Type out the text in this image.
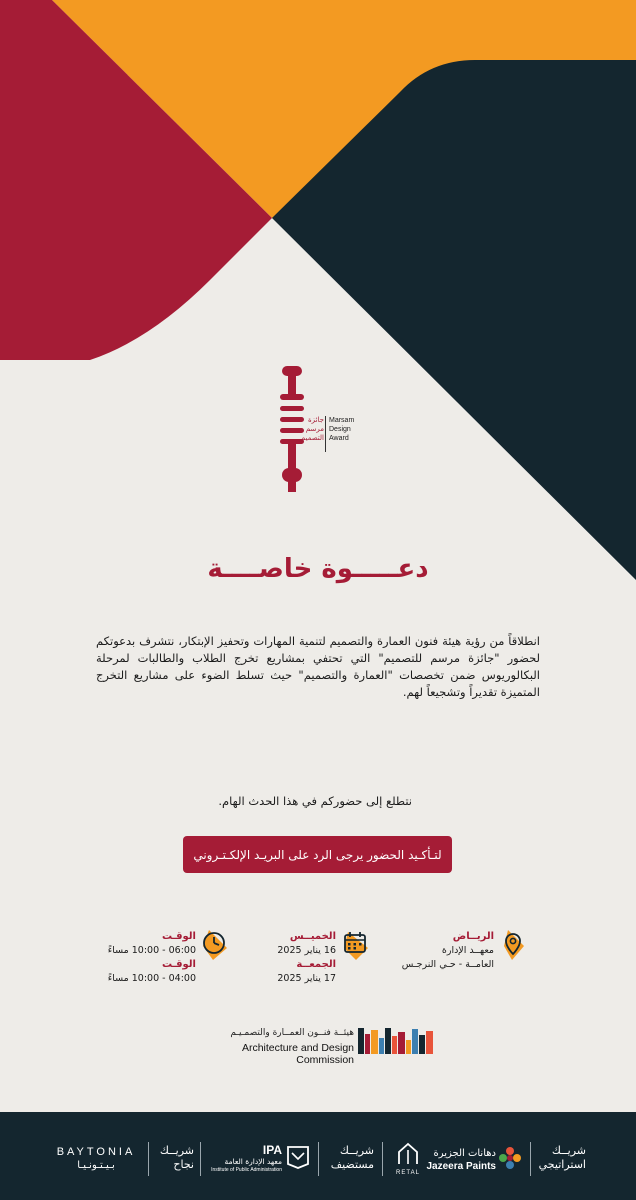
جائزة
مرسم
التصميم
Marsam
Design
Award
دعـــــوة خاصــــة
انطلاقاً من رؤية هيئة فنون العمارة والتصميم لتنمية المهارات وتحفيز الإبتكار، نتشرف بدعوتكم لحضور "جائزة مرسم للتصميم" التي تحتفي بمشاريع تخرج الطلاب والطالبات لمرحلة البكالوريوس ضمن تخصصات "العمارة والتصميم" حيث تسلط الضوء على مشاريع التخرج المتميزة تقديراً وتشجيعاً لهم.
نتطلع إلى حضوركم في هذا الحدث الهام.
لتـأكـيد الحضور يرجى الرد على البريـد الإلكـتـروني
الريــاض
معهــد الإدارة
العامــة - حـي النرجـس
الخميــس
16 يناير 2025
الجمعــة
17 يناير 2025
الوقـت
06:00 - 10:00 مساءً
الوقـت
04:00 - 10:00 مساءً
هيئــة فنــون العمــارة والتصمـيـم
Architecture and Design Commission
شريــك استراتيجي
دهانات الجزيرة
Jazeera Paints
RETAL
شريــك مستضيف
IPA
معهد الإدارة العامة
Institute of Public Administration
شريــك نجاح
BAYTONIA
بـيـتـونـيـا
